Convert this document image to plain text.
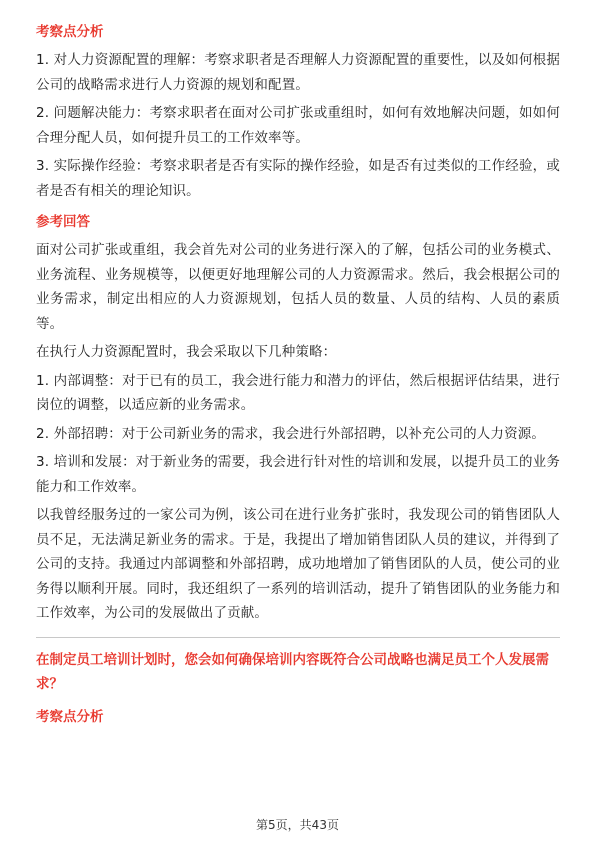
考察点分析

1. 对人力资源配置的理解：考察求职者是否理解人力资源配置的重要性，以及如何根据公司的战略需求进行人力资源的规划和配置。

2. 问题解决能力：考察求职者在面对公司扩张或重组时，如何有效地解决问题，如如何合理分配人员，如何提升员工的工作效率等。

3. 实际操作经验：考察求职者是否有实际的操作经验，如是否有过类似的工作经验，或者是否有相关的理论知识。

参考回答

面对公司扩张或重组，我会首先对公司的业务进行深入的了解，包括公司的业务模式、业务流程、业务规模等，以便更好地理解公司的人力资源需求。然后，我会根据公司的业务需求，制定出相应的人力资源规划，包括人员的数量、人员的结构、人员的素质等。

在执行人力资源配置时，我会采取以下几种策略：

1. 内部调整：对于已有的员工，我会进行能力和潜力的评估，然后根据评估结果，进行岗位的调整，以适应新的业务需求。

2. 外部招聘：对于公司新业务的需求，我会进行外部招聘，以补充公司的人力资源。

3. 培训和发展：对于新业务的需要，我会进行针对性的培训和发展，以提升员工的业务能力和工作效率。

以我曾经服务过的一家公司为例，该公司在进行业务扩张时，我发现公司的销售团队人员不足，无法满足新业务的需求。于是，我提出了增加销售团队人员的建议，并得到了公司的支持。我通过内部调整和外部招聘，成功地增加了销售团队的人员，使公司的业务得以顺利开展。同时，我还组织了一系列的培训活动，提升了销售团队的业务能力和工作效率，为公司的发展做出了贡献。

在制定员工培训计划时，您会如何确保培训内容既符合公司战略也满足员工个人发展需求？
考察点分析
第5页，共43页
